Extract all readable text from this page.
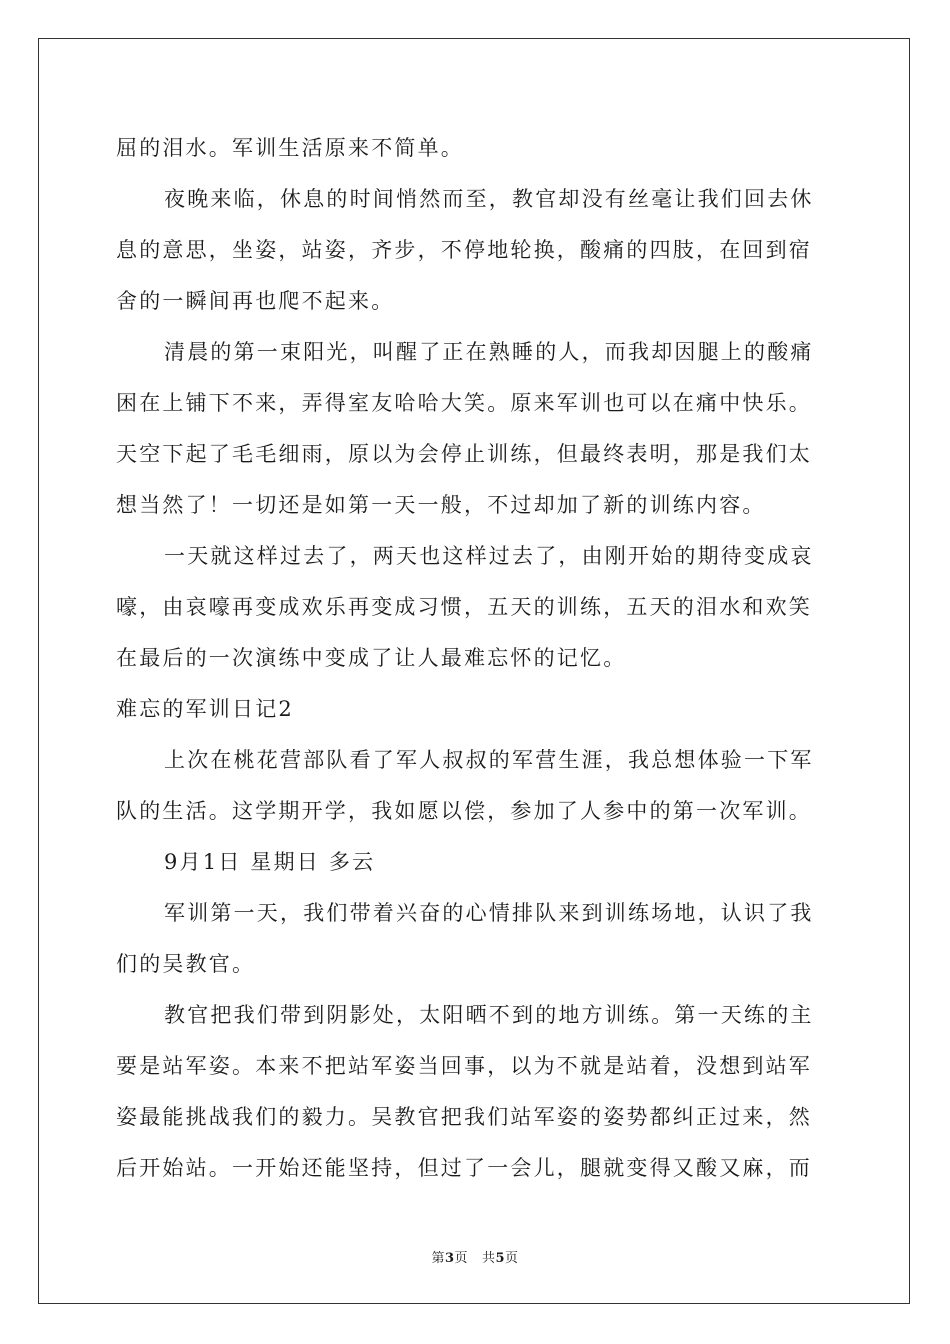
屈的泪水。军训生活原来不简单。
夜晚来临，休息的时间悄然而至，教官却没有丝毫让我们回去休
息的意思，坐姿，站姿，齐步，不停地轮换，酸痛的四肢，在回到宿
舍的一瞬间再也爬不起来。
清晨的第一束阳光，叫醒了正在熟睡的人，而我却因腿上的酸痛
困在上铺下不来，弄得室友哈哈大笑。原来军训也可以在痛中快乐。
天空下起了毛毛细雨，原以为会停止训练，但最终表明，那是我们太
想当然了！一切还是如第一天一般，不过却加了新的训练内容。
一天就这样过去了，两天也这样过去了，由刚开始的期待变成哀
嚎，由哀嚎再变成欢乐再变成习惯，五天的训练，五天的泪水和欢笑
在最后的一次演练中变成了让人最难忘怀的记忆。
难忘的军训日记2
上次在桃花营部队看了军人叔叔的军营生涯，我总想体验一下军
队的生活。这学期开学，我如愿以偿，参加了人参中的第一次军训。
9月1日 星期日 多云
军训第一天，我们带着兴奋的心情排队来到训练场地，认识了我
们的吴教官。
教官把我们带到阴影处，太阳晒不到的地方训练。第一天练的主
要是站军姿。本来不把站军姿当回事，以为不就是站着，没想到站军
姿最能挑战我们的毅力。吴教官把我们站军姿的姿势都纠正过来，然
后开始站。一开始还能坚持，但过了一会儿，腿就变得又酸又麻，而
第3页 共5页
